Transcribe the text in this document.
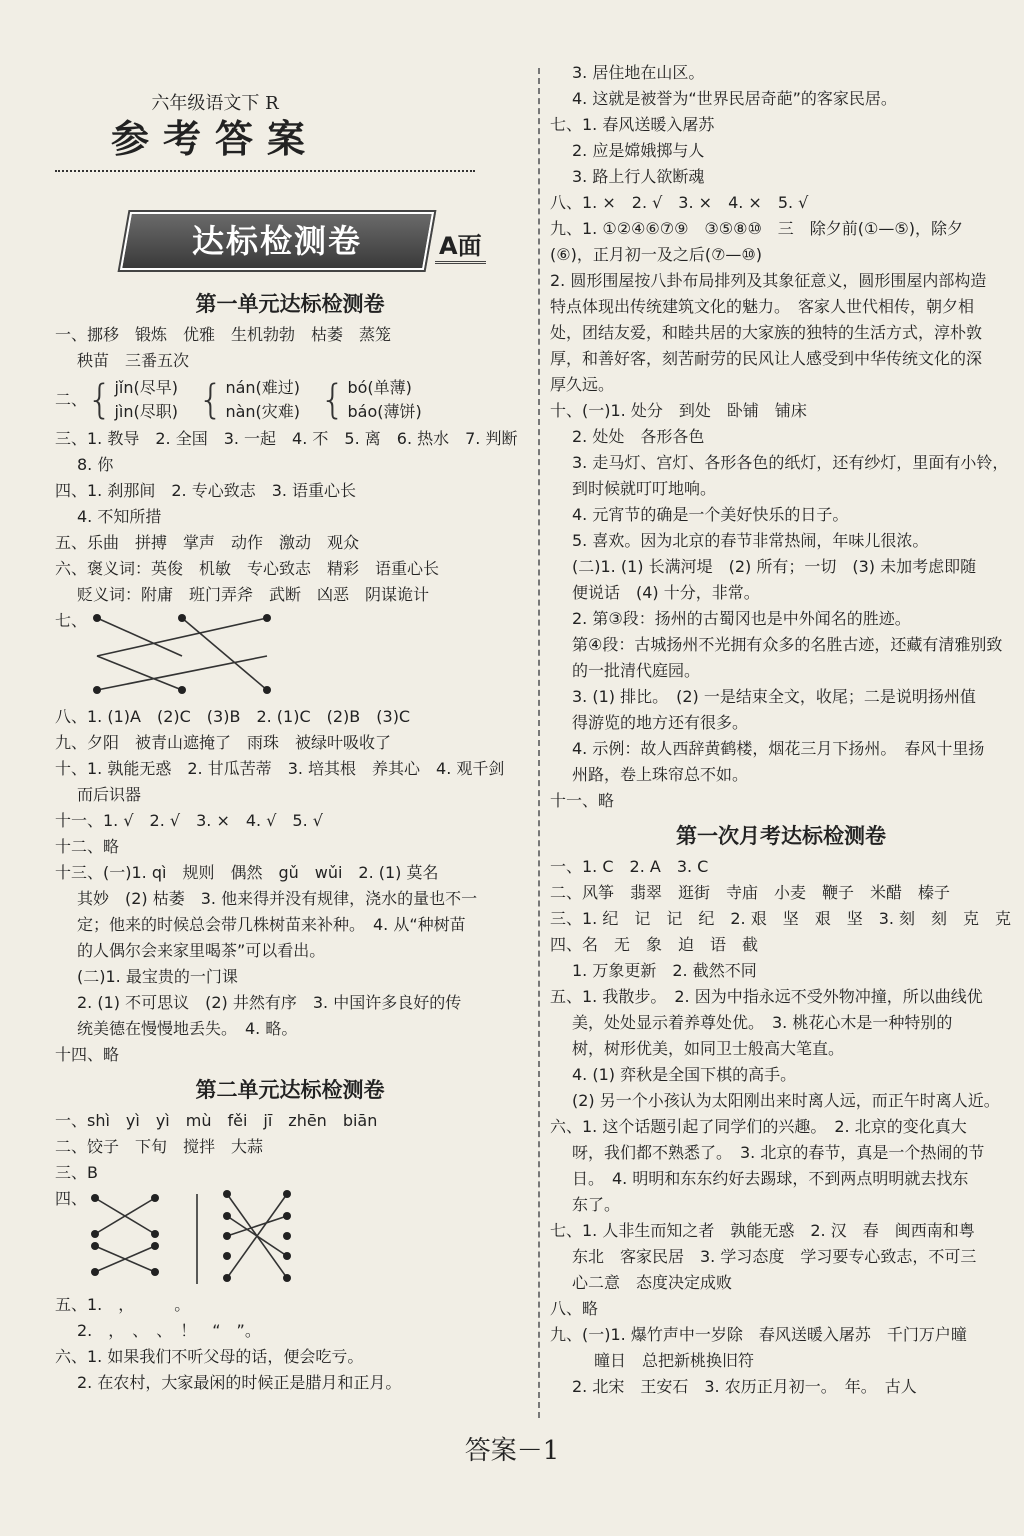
六年级语文下 R
参考答案
达标检测卷	A面
第一单元达标检测卷
一、挪移　锻炼　优雅　生机勃勃　枯萎　蒸笼
秧苗　三番五次
二、 { jǐn(尽早)
jìn(尽职) { nán(难过)
nàn(灾难) { bó(单薄)
báo(薄饼)
三、1. 教导　2. 全国　3. 一起　4. 不　5. 离　6. 热水　7. 判断
8. 你
四、1. 刹那间　2. 专心致志　3. 语重心长
4. 不知所措
五、乐曲　拼搏　掌声　动作　激动　观众
六、褒义词：英俊　机敏　专心致志　精彩　语重心长
贬义词：附庸　班门弄斧　武断　凶恶　阴谋诡计
七、
八、1. (1)A　(2)C　(3)B　2. (1)C　(2)B　(3)C
九、夕阳　被青山遮掩了　雨珠　被绿叶吸收了
十、1. 孰能无惑　2. 甘瓜苦蒂　3. 培其根　养其心　4. 观千剑
而后识器
十一、1. √　2. √　3. ×　4. √　5. √
十二、略
十三、(一)1. qì　规则　偶然　gǔ　wǔi　2. (1) 莫名
其妙　(2) 枯萎　3. 他来得并没有规律，浇水的量也不一
定；他来的时候总会带几株树苗来补种。　4. 从“种树苗
的人偶尔会来家里喝茶”可以看出。
(二)1. 最宝贵的一门课
2. (1) 不可思议　(2) 井然有序　3. 中国许多良好的传
统美德在慢慢地丢失。　4. 略。
十四、略
第二单元达标检测卷
一、shì　yì　yì　mù　fěi　jī　zhēn　biān
二、饺子　下旬　搅拌　大蒜
三、B
四、
五、1.　，　　　。
2.　，　、　、　！　“　”。
六、1. 如果我们不听父母的话，便会吃亏。
2. 在农村，大家最闲的时候正是腊月和正月。
3. 居住地在山区。
4. 这就是被誉为“世界民居奇葩”的客家民居。
七、1. 春风送暖入屠苏
2. 应是嫦娥掷与人
3. 路上行人欲断魂
八、1. ×　2. √　3. ×　4. ×　5. √
九、1. ①②④⑥⑦⑨　③⑤⑧⑩　三　除夕前(①—⑤)，除夕
(⑥)，正月初一及之后(⑦—⑩)
2. 圆形围屋按八卦布局排列及其象征意义，圆形围屋内部构造
特点体现出传统建筑文化的魅力。　客家人世代相传，朝夕相
处，团结友爱，和睦共居的大家族的独特的生活方式，淳朴敦
厚，和善好客，刻苦耐劳的民风让人感受到中华传统文化的深
厚久远。
十、(一)1. 处分　到处　卧铺　铺床
2. 处处　各形各色
3. 走马灯、宫灯、各形各色的纸灯，还有纱灯，里面有小铃，
到时候就叮叮地响。
4. 元宵节的确是一个美好快乐的日子。
5. 喜欢。因为北京的春节非常热闹，年味儿很浓。
(二)1. (1) 长满河堤　(2) 所有；一切　(3) 未加考虑即随
便说话　(4) 十分，非常。
2. 第③段：扬州的古蜀冈也是中外闻名的胜迹。
第④段：古城扬州不光拥有众多的名胜古迹，还藏有清雅别致
的一批清代庭园。
3. (1) 排比。　(2) 一是结束全文，收尾；二是说明扬州值
得游览的地方还有很多。
4. 示例：故人西辞黄鹤楼，烟花三月下扬州。　春风十里扬
州路，卷上珠帘总不如。
十一、略
第一次月考达标检测卷
一、1. C　2. A　3. C
二、风筝　翡翠　逛街　寺庙　小麦　鞭子　米醋　榛子
三、1. 纪　记　记　纪　2. 艰　坚　艰　坚　3. 刻　刻　克　克
四、名　无　象　迫　语　截
1. 万象更新　2. 截然不同
五、1. 我散步。　2. 因为中指永远不受外物冲撞，所以曲线优
美，处处显示着养尊处优。　3. 桃花心木是一种特别的
树，树形优美，如同卫士般高大笔直。
4. (1) 弈秋是全国下棋的高手。
(2) 另一个小孩认为太阳刚出来时离人远，而正午时离人近。
六、1. 这个话题引起了同学们的兴趣。　2. 北京的变化真大
呀，我们都不熟悉了。　3. 北京的春节，真是一个热闹的节
日。　4. 明明和东东约好去踢球，不到两点明明就去找东
东了。
七、1. 人非生而知之者　孰能无惑　2. 汉　春　闽西南和粤
东北　客家民居　3. 学习态度　学习要专心致志，不可三
心二意　态度决定成败
八、略
九、(一)1. 爆竹声中一岁除　春风送暖入屠苏　千门万户曈
曈日　总把新桃换旧符
2. 北宋　王安石　3. 农历正月初一。　年。　古人
答案－1
